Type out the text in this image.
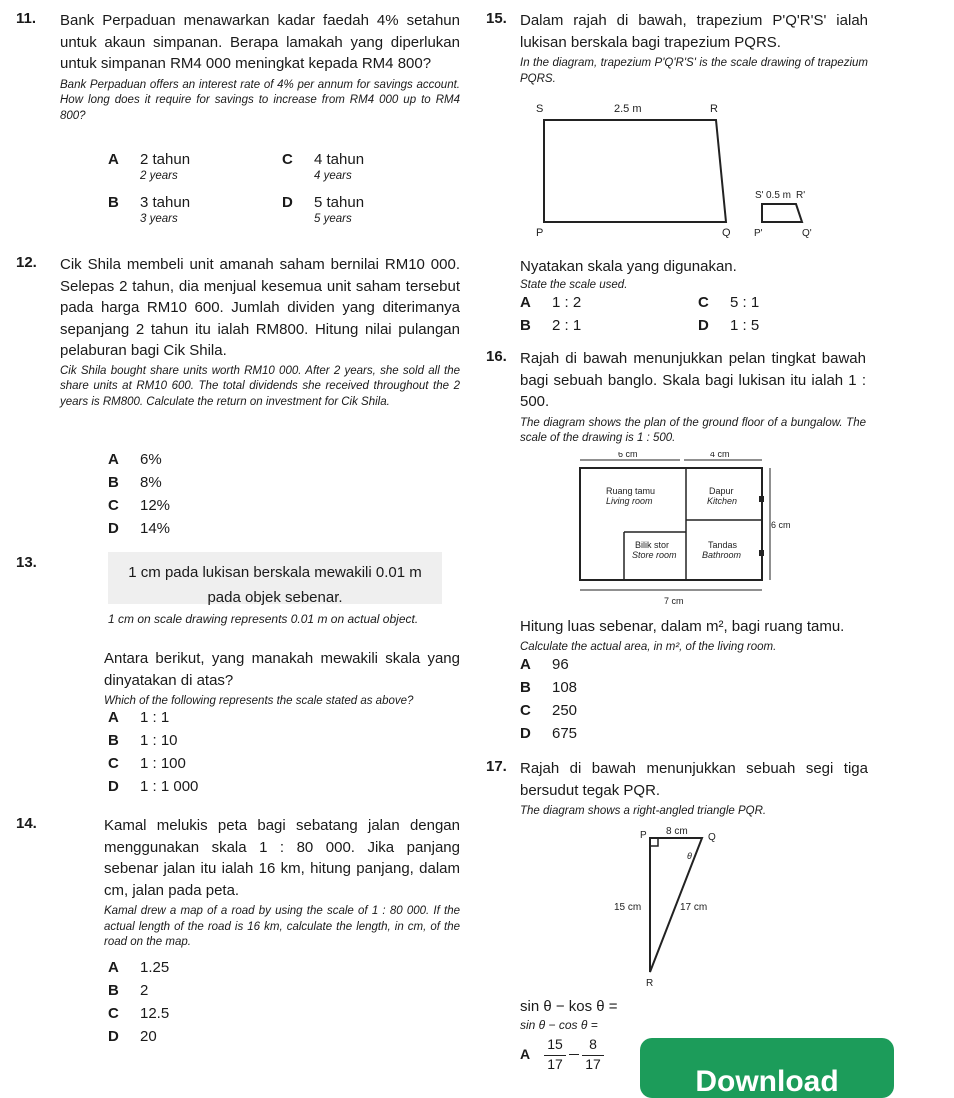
11. Bank Perpaduan menawarkan kadar faedah 4% setahun untuk akaun simpanan. Berapa lamakah yang diperlukan untuk simpanan RM4 000 meningkat kepada RM4 800?
Bank Perpaduan offers an interest rate of 4% per annum for savings account. How long does it require for savings to increase from RM4 000 up to RM4 800?
A 2 tahun
2 years
C 4 tahun
4 years
B 3 tahun
3 years
D 5 tahun
5 years
12. Cik Shila membeli unit amanah saham bernilai RM10 000. Selepas 2 tahun, dia menjual kesemua unit saham tersebut pada harga RM10 600. Jumlah dividen yang diterimanya sepanjang 2 tahun itu ialah RM800. Hitung nilai pulangan pelaburan bagi Cik Shila.
Cik Shila bought share units worth RM10 000. After 2 years, she sold all the share units at RM10 600. The total dividends she received throughout the 2 years is RM800. Calculate the return on investment for Cik Shila.
A 6%
B 8%
C 12%
D 14%
13.
1 cm pada lukisan berskala mewakili 0.01 m
pada objek sebenar.
1 cm on scale drawing represents 0.01 m on actual object.
Antara berikut, yang manakah mewakili skala yang dinyatakan di atas?
Which of the following represents the scale stated as above?
A 1 : 1
B 1 : 10
C 1 : 100
D 1 : 1 000
14.	Kamal melukis peta bagi sebatang jalan dengan menggunakan skala 1 : 80 000. Jika panjang sebenar jalan itu ialah 16 km, hitung panjang, dalam cm, jalan pada peta.
Kamal drew a map of a road by using the scale of 1 : 80 000. If the actual length of the road is 16 km, calculate the length, in cm, of the road on the map.
A 1.25
B 2
C 12.5
D 20
15. Dalam rajah di bawah, trapezium P'Q'R'S' ialah lukisan berskala bagi trapezium PQRS.
In the diagram, trapezium P'Q'R'S' is the scale drawing of trapezium PQRS.
S	R
P	Q
2.5 m
S' 0.5 m R'
P'	Q'
Nyatakan skala yang digunakan.
State the scale used.
A 1 : 2	C 5 : 1
B 2 : 1	D 1 : 5
16. Rajah di bawah menunjukkan pelan tingkat bawah bagi sebuah banglo. Skala bagi lukisan itu ialah 1 : 500.
The diagram shows the plan of the ground floor of a bungalow. The scale of the drawing is 1 : 500.
6 cm	4 cm
Ruang tamu
Living room
Dapur
Kitchen
Bilik stor
Store room
Tandas
Bathroom
6 cm
7 cm
Hitung luas sebenar, dalam m², bagi ruang tamu.
Calculate the actual area, in m², of the living room.
A 96
B 108
C 250
D 675
17. Rajah di bawah menunjukkan sebuah segi tiga bersudut tegak PQR.
The diagram shows a right-angled triangle PQR.
P	Q
R
8 cm
θ
15 cm	17 cm
sin θ − kos θ =
sin θ − cos θ =
A
15
17
8
17
Download
